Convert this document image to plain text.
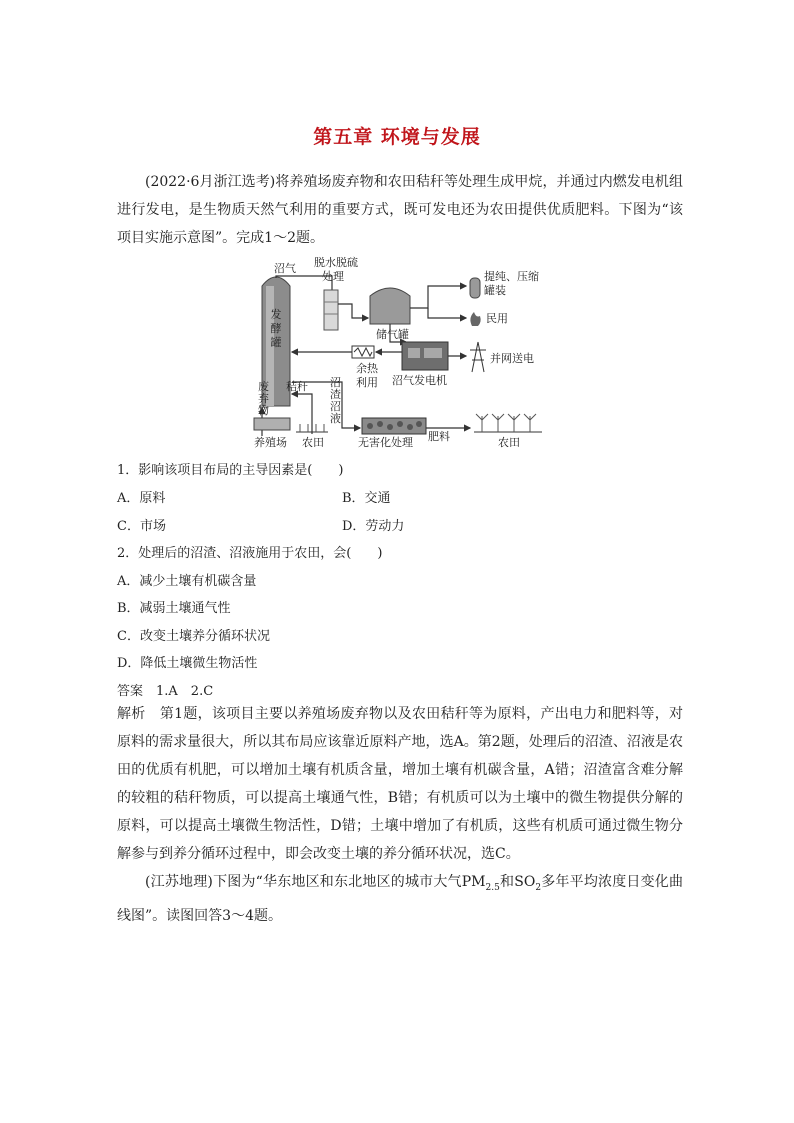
第五章 环境与发展

(2022·6月浙江选考)将养殖场废弃物和农田秸秆等处理生成甲烷，并通过内燃发电机组进行发电，是生物质天然气利用的重要方式，既可发电还为农田提供优质肥料。下图为“该项目实施示意图”。完成1～2题。

发
酵
罐
沼气 脱水脱硫
处理
储气罐
提纯、压缩
罐装
民用
沼气发电机
余热
利用
并网送电
废
弃
物
秸秆 沼
渣
沼
液
养殖场 农田	无害化处理 肥料	农田
1．影响该项目布局的主导因素是(　　)
A．原料	B．交通
C．市场	D．劳动力
2．处理后的沼渣、沼液施用于农田，会(　　)
A．减少土壤有机碳含量
B．减弱土壤通气性
C．改变土壤养分循环状况
D．降低土壤微生物活性
答案　1.A　2.C

解析　第1题，该项目主要以养殖场废弃物以及农田秸秆等为原料，产出电力和肥料等，对原料的需求量很大，所以其布局应该靠近原料产地，选A。第2题，处理后的沼渣、沼液是农田的优质有机肥，可以增加土壤有机质含量，增加土壤有机碳含量，A错；沼渣富含难分解的较粗的秸秆物质，可以提高土壤通气性，B错；有机质可以为土壤中的微生物提供分解的原料，可以提高土壤微生物活性，D错；土壤中增加了有机质，这些有机质可通过微生物分解参与到养分循环过程中，即会改变土壤的养分循环状况，选C。

(江苏地理)下图为“华东地区和东北地区的城市大气$PM_{2.5}$和$SO_2$多年平均浓度日变化曲线图”。读图回答3～4题。
